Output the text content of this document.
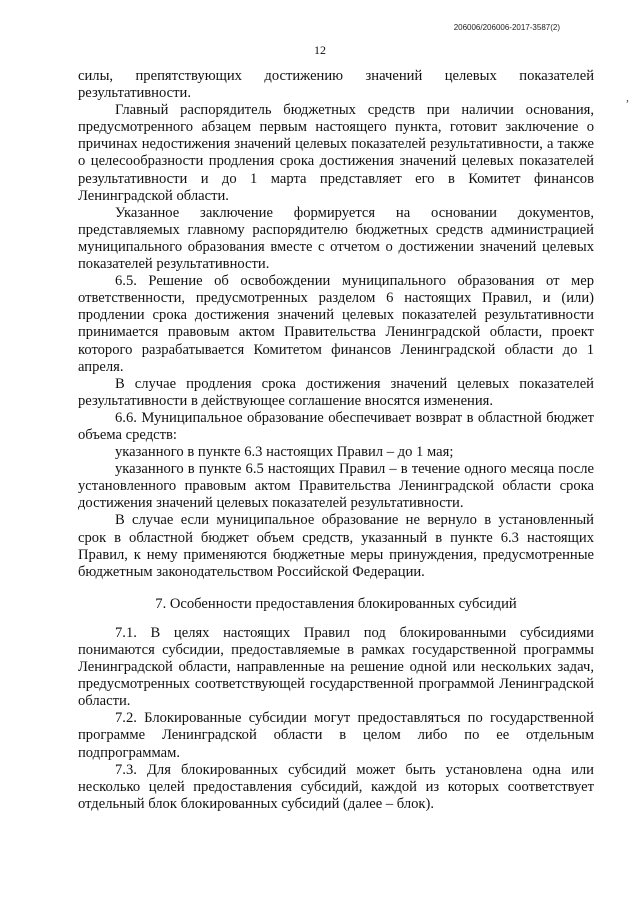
206006/206006-2017-3587(2)
12
,

силы, препятствующих достижению значений целевых показателей результативности.

Главный распорядитель бюджетных средств при наличии основания, предусмотренного абзацем первым настоящего пункта, готовит заключение о причинах недостижения значений целевых показателей результативности, а также о целесообразности продления срока достижения значений целевых показателей результативности и до 1 марта представляет его в Комитет финансов Ленинградской области.

Указанное заключение формируется на основании документов, представляемых главному распорядителю бюджетных средств администрацией муниципального образования вместе с отчетом о достижении значений целевых показателей результативности.

6.5. Решение об освобождении муниципального образования от мер ответственности, предусмотренных разделом 6 настоящих Правил, и (или) продлении срока достижения значений целевых показателей результативности принимается правовым актом Правительства Ленинградской области, проект которого разрабатывается Комитетом финансов Ленинградской области до 1 апреля.

В случае продления срока достижения значений целевых показателей результативности в действующее соглашение вносятся изменения.

6.6. Муниципальное образование обеспечивает возврат в областной бюджет объема средств:

указанного в пункте 6.3 настоящих Правил – до 1 мая;

указанного в пункте 6.5 настоящих Правил – в течение одного месяца после установленного правовым актом Правительства Ленинградской области срока достижения значений целевых показателей результативности.

В случае если муниципальное образование не вернуло в установленный срок в областной бюджет объем средств, указанный в пункте 6.3 настоящих Правил, к нему применяются бюджетные меры принуждения, предусмотренные бюджетным законодательством Российской Федерации.

7. Особенности предоставления блокированных субсидий

7.1. В целях настоящих Правил под блокированными субсидиями понимаются субсидии, предоставляемые в рамках государственной программы Ленинградской области, направленные на решение одной или нескольких задач, предусмотренных соответствующей государственной программой Ленинградской области.

7.2. Блокированные субсидии могут предоставляться по государственной программе Ленинградской области в целом либо по ее отдельным подпрограммам.

7.3. Для блокированных субсидий может быть установлена одна или несколько целей предоставления субсидий, каждой из которых соответствует отдельный блок блокированных субсидий (далее – блок).
